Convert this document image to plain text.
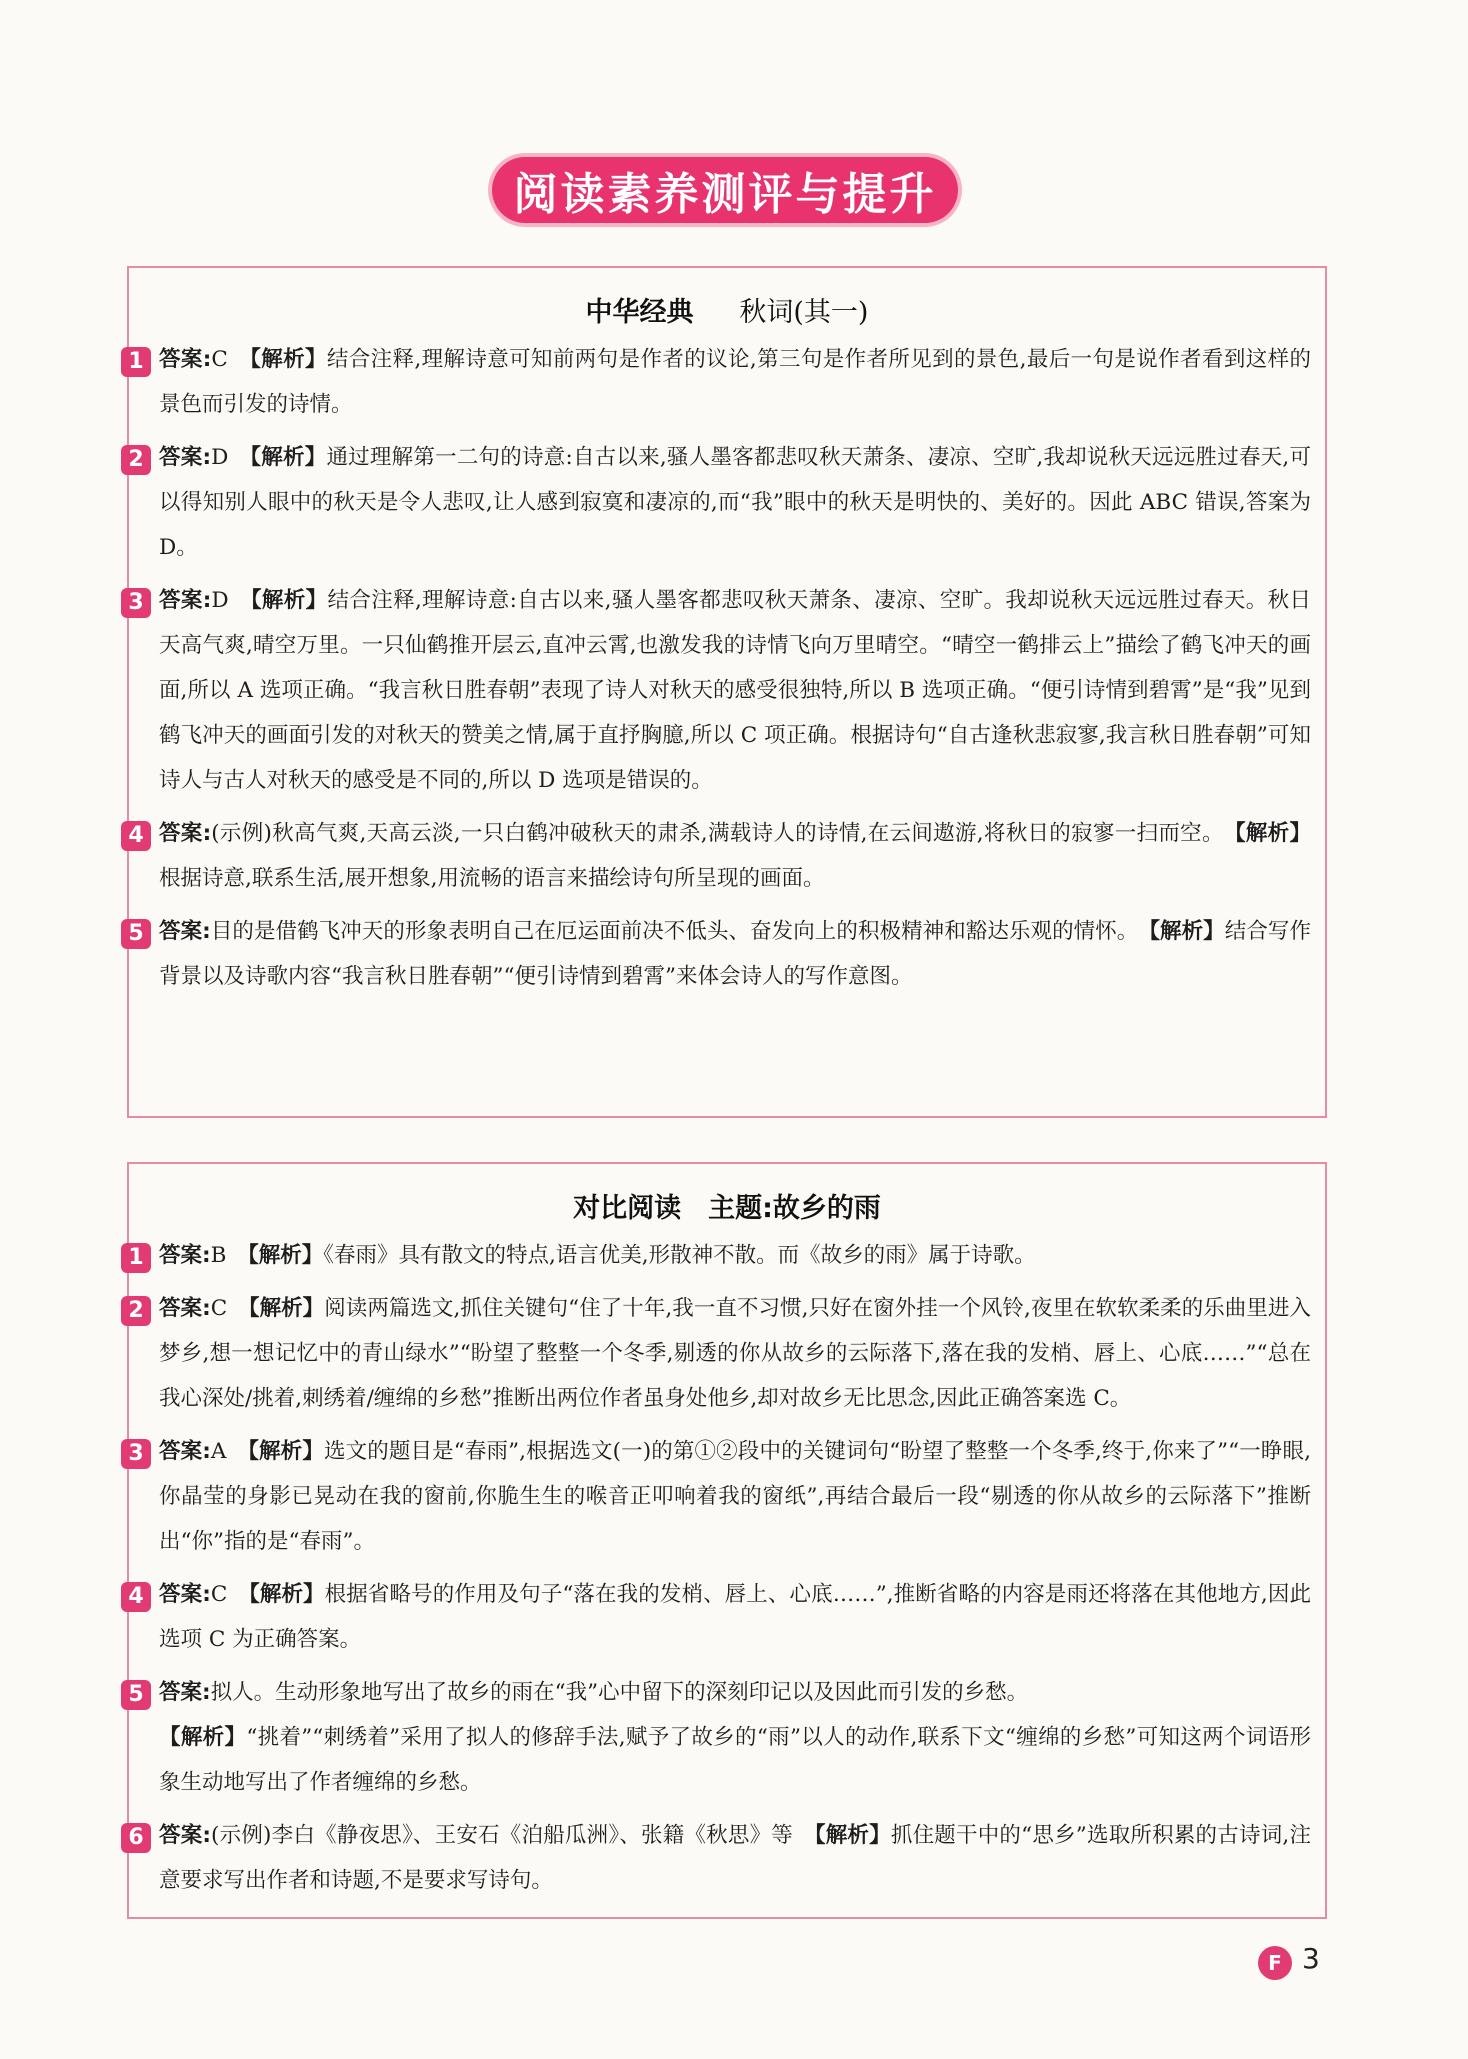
阅读素养测评与提升
中华经典 　 秋词(其一)
1 答案:C　 【解析】结合注释,理解诗意可知前两句是作者的议论,第三句是作者所见到的景色,最后一句是说作者看到这样的景色而引发的诗情。
2 答案:D　 【解析】通过理解第一二句的诗意:自古以来,骚人墨客都悲叹秋天萧条、凄凉、空旷,我却说秋天远远胜过春天,可以得知别人眼中的秋天是令人悲叹,让人感到寂寞和凄凉的,而“我”眼中的秋天是明快的、美好的。因此 ABC 错误,答案为 D。
3 答案:D　 【解析】结合注释,理解诗意:自古以来,骚人墨客都悲叹秋天萧条、凄凉、空旷。我却说秋天远远胜过春天。秋日天高气爽,晴空万里。一只仙鹤推开层云,直冲云霄,也激发我的诗情飞向万里晴空。“晴空一鹤排云上”描绘了鹤飞冲天的画面,所以 A 选项正确。“我言秋日胜春朝”表现了诗人对秋天的感受很独特,所以 B 选项正确。“便引诗情到碧霄”是“我”见到鹤飞冲天的画面引发的对秋天的赞美之情,属于直抒胸臆,所以 C 项正确。根据诗句“自古逢秋悲寂寥,我言秋日胜春朝”可知诗人与古人对秋天的感受是不同的,所以 D 选项是错误的。
4 答案:(示例)秋高气爽,天高云淡,一只白鹤冲破秋天的肃杀,满载诗人的诗情,在云间遨游,将秋日的寂寥一扫而空。　 【解析】根据诗意,联系生活,展开想象,用流畅的语言来描绘诗句所呈现的画面。
5 答案:目的是借鹤飞冲天的形象表明自己在厄运面前决不低头、奋发向上的积极精神和豁达乐观的情怀。　 【解析】结合写作背景以及诗歌内容“我言秋日胜春朝”“便引诗情到碧霄”来体会诗人的写作意图。
对比阅读　主题:故乡的雨
1 答案:B　 【解析】《春雨》具有散文的特点,语言优美,形散神不散。而《故乡的雨》属于诗歌。
2 答案:C　 【解析】阅读两篇选文,抓住关键句“住了十年,我一直不习惯,只好在窗外挂一个风铃,夜里在软软柔柔的乐曲里进入梦乡,想一想记忆中的青山绿水”“盼望了整整一个冬季,剔透的你从故乡的云际落下,落在我的发梢、唇上、心底……”“总在我心深处/挑着,刺绣着/缠绵的乡愁”推断出两位作者虽身处他乡,却对故乡无比思念,因此正确答案选 C。
3 答案:A　 【解析】选文的题目是“春雨”,根据选文(一)的第①②段中的关键词句“盼望了整整一个冬季,终于,你来了”“一睁眼,你晶莹的身影已晃动在我的窗前,你脆生生的喉音正叩响着我的窗纸”,再结合最后一段“剔透的你从故乡的云际落下”推断出“你”指的是“春雨”。
4 答案:C　 【解析】根据省略号的作用及句子“落在我的发梢、唇上、心底……”,推断省略的内容是雨还将落在其他地方,因此选项 C 为正确答案。
5 答案:拟人。生动形象地写出了故乡的雨在“我”心中留下的深刻印记以及因此而引发的乡愁。
【解析】“挑着”“刺绣着”采用了拟人的修辞手法,赋予了故乡的“雨”以人的动作,联系下文“缠绵的乡愁”可知这两个词语形象生动地写出了作者缠绵的乡愁。
6 答案:(示例)李白《静夜思》、王安石《泊船瓜洲》、张籍《秋思》等　 【解析】抓住题干中的“思乡”选取所积累的古诗词,注意要求写出作者和诗题,不是要求写诗句。
F 3
